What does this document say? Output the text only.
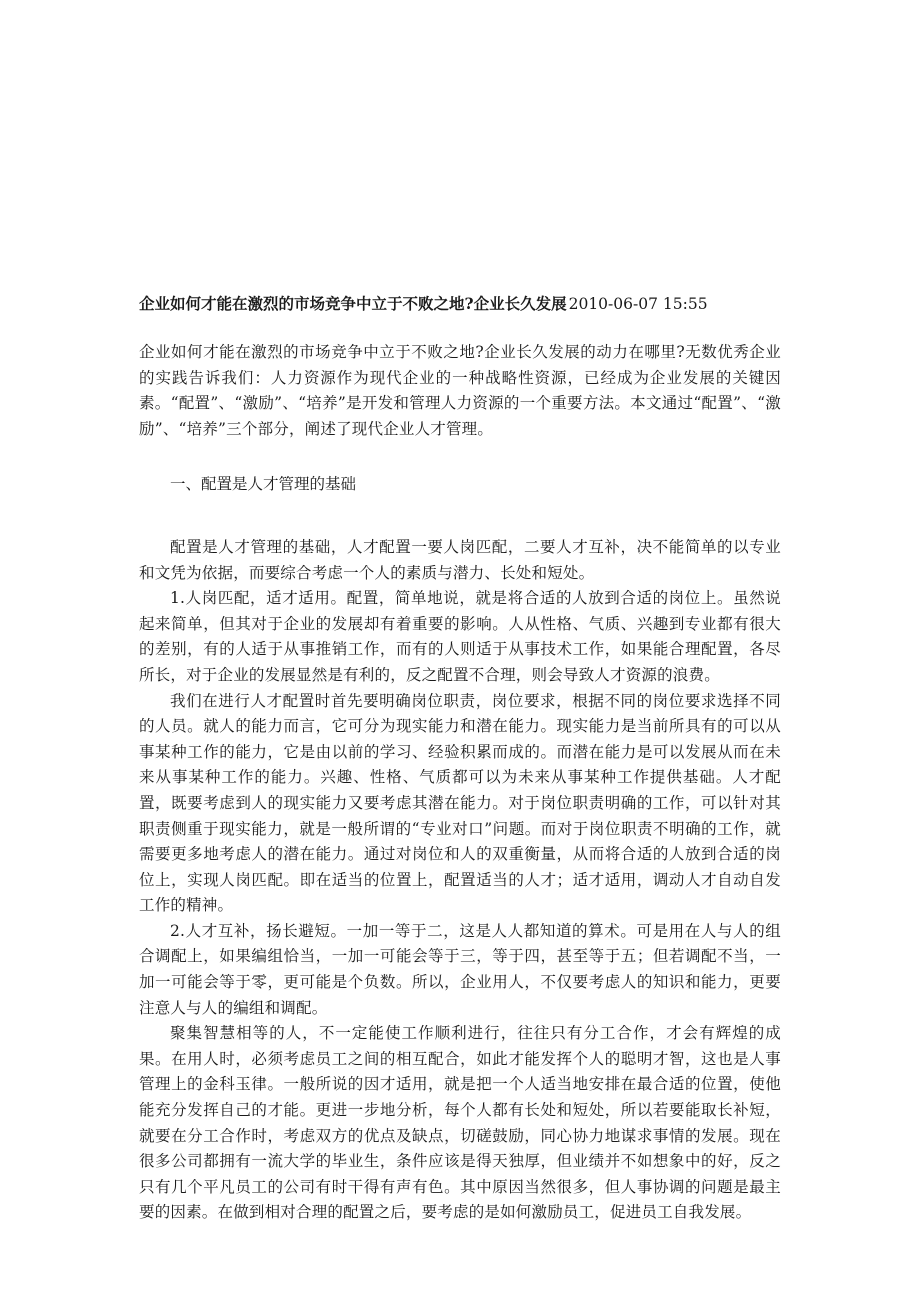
企业如何才能在激烈的市场竞争中立于不败之地?企业长久发展 2010-06-07 15:55

企业如何才能在激烈的市场竞争中立于不败之地?企业长久发展的动力在哪里?无数优秀企业的实践告诉我们：人力资源作为现代企业的一种战略性资源，已经成为企业发展的关键因素。“配置”、“激励”、“培养”是开发和管理人力资源的一个重要方法。本文通过“配置”、“激励”、“培养”三个部分，阐述了现代企业人才管理。

一、配置是人才管理的基础

配置是人才管理的基础，人才配置一要人岗匹配，二要人才互补，决不能简单的以专业和文凭为依据，而要综合考虑一个人的素质与潜力、长处和短处。

1.人岗匹配，适才适用。配置，简单地说，就是将合适的人放到合适的岗位上。虽然说起来简单，但其对于企业的发展却有着重要的影响。人从性格、气质、兴趣到专业都有很大的差别，有的人适于从事推销工作，而有的人则适于从事技术工作，如果能合理配置，各尽所长，对于企业的发展显然是有利的，反之配置不合理，则会导致人才资源的浪费。

我们在进行人才配置时首先要明确岗位职责，岗位要求，根据不同的岗位要求选择不同的人员。就人的能力而言，它可分为现实能力和潜在能力。现实能力是当前所具有的可以从事某种工作的能力，它是由以前的学习、经验积累而成的。而潜在能力是可以发展从而在未来从事某种工作的能力。兴趣、性格、气质都可以为未来从事某种工作提供基础。人才配置，既要考虑到人的现实能力又要考虑其潜在能力。对于岗位职责明确的工作，可以针对其职责侧重于现实能力，就是一般所谓的“专业对口”问题。而对于岗位职责不明确的工作，就需要更多地考虑人的潜在能力。通过对岗位和人的双重衡量，从而将合适的人放到合适的岗位上，实现人岗匹配。即在适当的位置上，配置适当的人才；适才适用，调动人才自动自发工作的精神。

2.人才互补，扬长避短。一加一等于二，这是人人都知道的算术。可是用在人与人的组合调配上，如果编组恰当，一加一可能会等于三，等于四，甚至等于五；但若调配不当，一加一可能会等于零，更可能是个负数。所以，企业用人，不仅要考虑人的知识和能力，更要注意人与人的编组和调配。

聚集智慧相等的人，不一定能使工作顺利进行，往往只有分工合作，才会有辉煌的成果。在用人时，必须考虑员工之间的相互配合，如此才能发挥个人的聪明才智，这也是人事管理上的金科玉律。一般所说的因才适用，就是把一个人适当地安排在最合适的位置，使他能充分发挥自己的才能。更进一步地分析，每个人都有长处和短处，所以若要能取长补短，就要在分工合作时，考虑双方的优点及缺点，切磋鼓励，同心协力地谋求事情的发展。现在很多公司都拥有一流大学的毕业生，条件应该是得天独厚，但业绩并不如想象中的好，反之只有几个平凡员工的公司有时干得有声有色。其中原因当然很多，但人事协调的问题是最主要的因素。在做到相对合理的配置之后，要考虑的是如何激励员工，促进员工自我发展。
